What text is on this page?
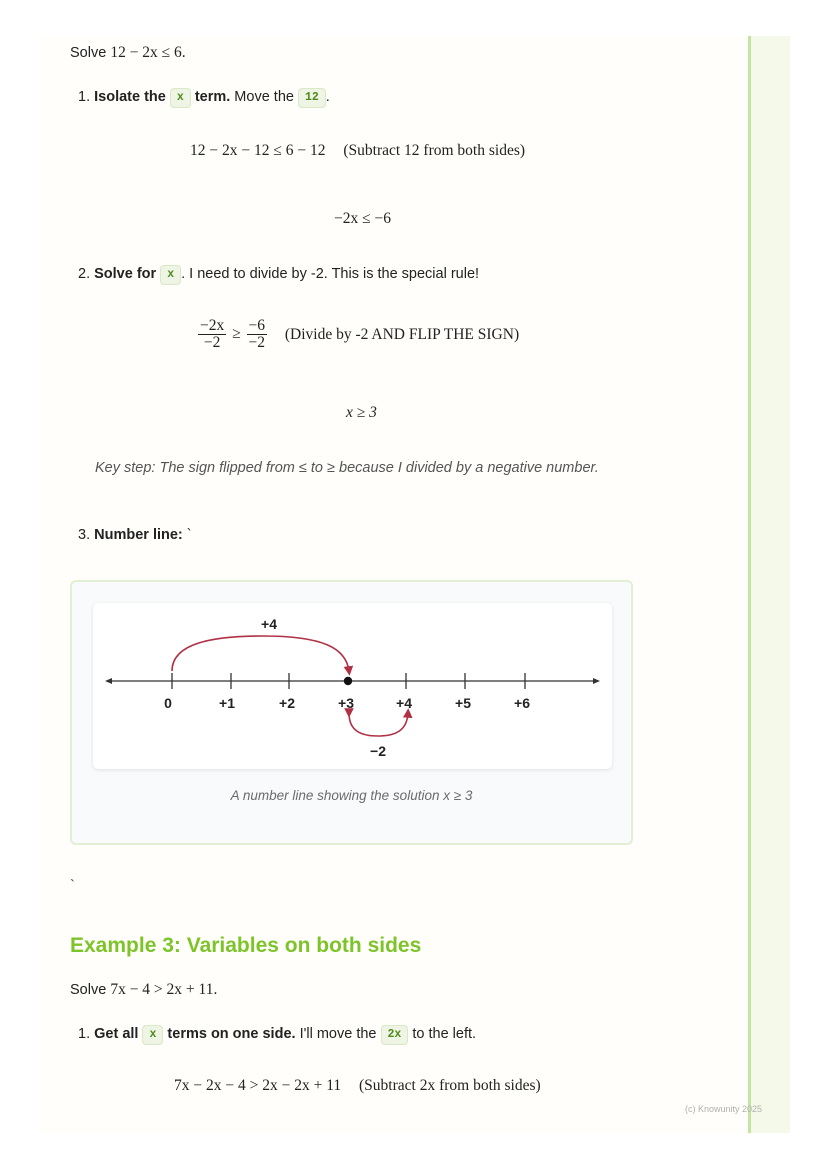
Solve 12 − 2x ≤ 6.
1. Isolate the x term. Move the 12 .
12 − 2x − 12 ≤ 6 − 12 (Subtract 12 from both sides)
−2x ≤ −6
2. Solve for x . I need to divide by -2. This is the special rule!
$\frac{-2x}{-2} \ge \frac{-6}{-2}$ (Divide by -2 AND FLIP THE SIGN)
x ≥ 3
Key step: The sign flipped from ≤ to ≥ because I divided by a negative number.
3. Number line: `
0	+1	+2	+3	+4	+5	+6
+4
−2
A number line showing the solution x ≥ 3
`
Example 3: Variables on both sides
Solve 7x − 4 > 2x + 11.
1. Get all x terms on one side. I'll move the 2x to the left.
7x − 2x − 4 > 2x − 2x + 11 (Subtract 2x from both sides)
(c) Knowunity 2025
